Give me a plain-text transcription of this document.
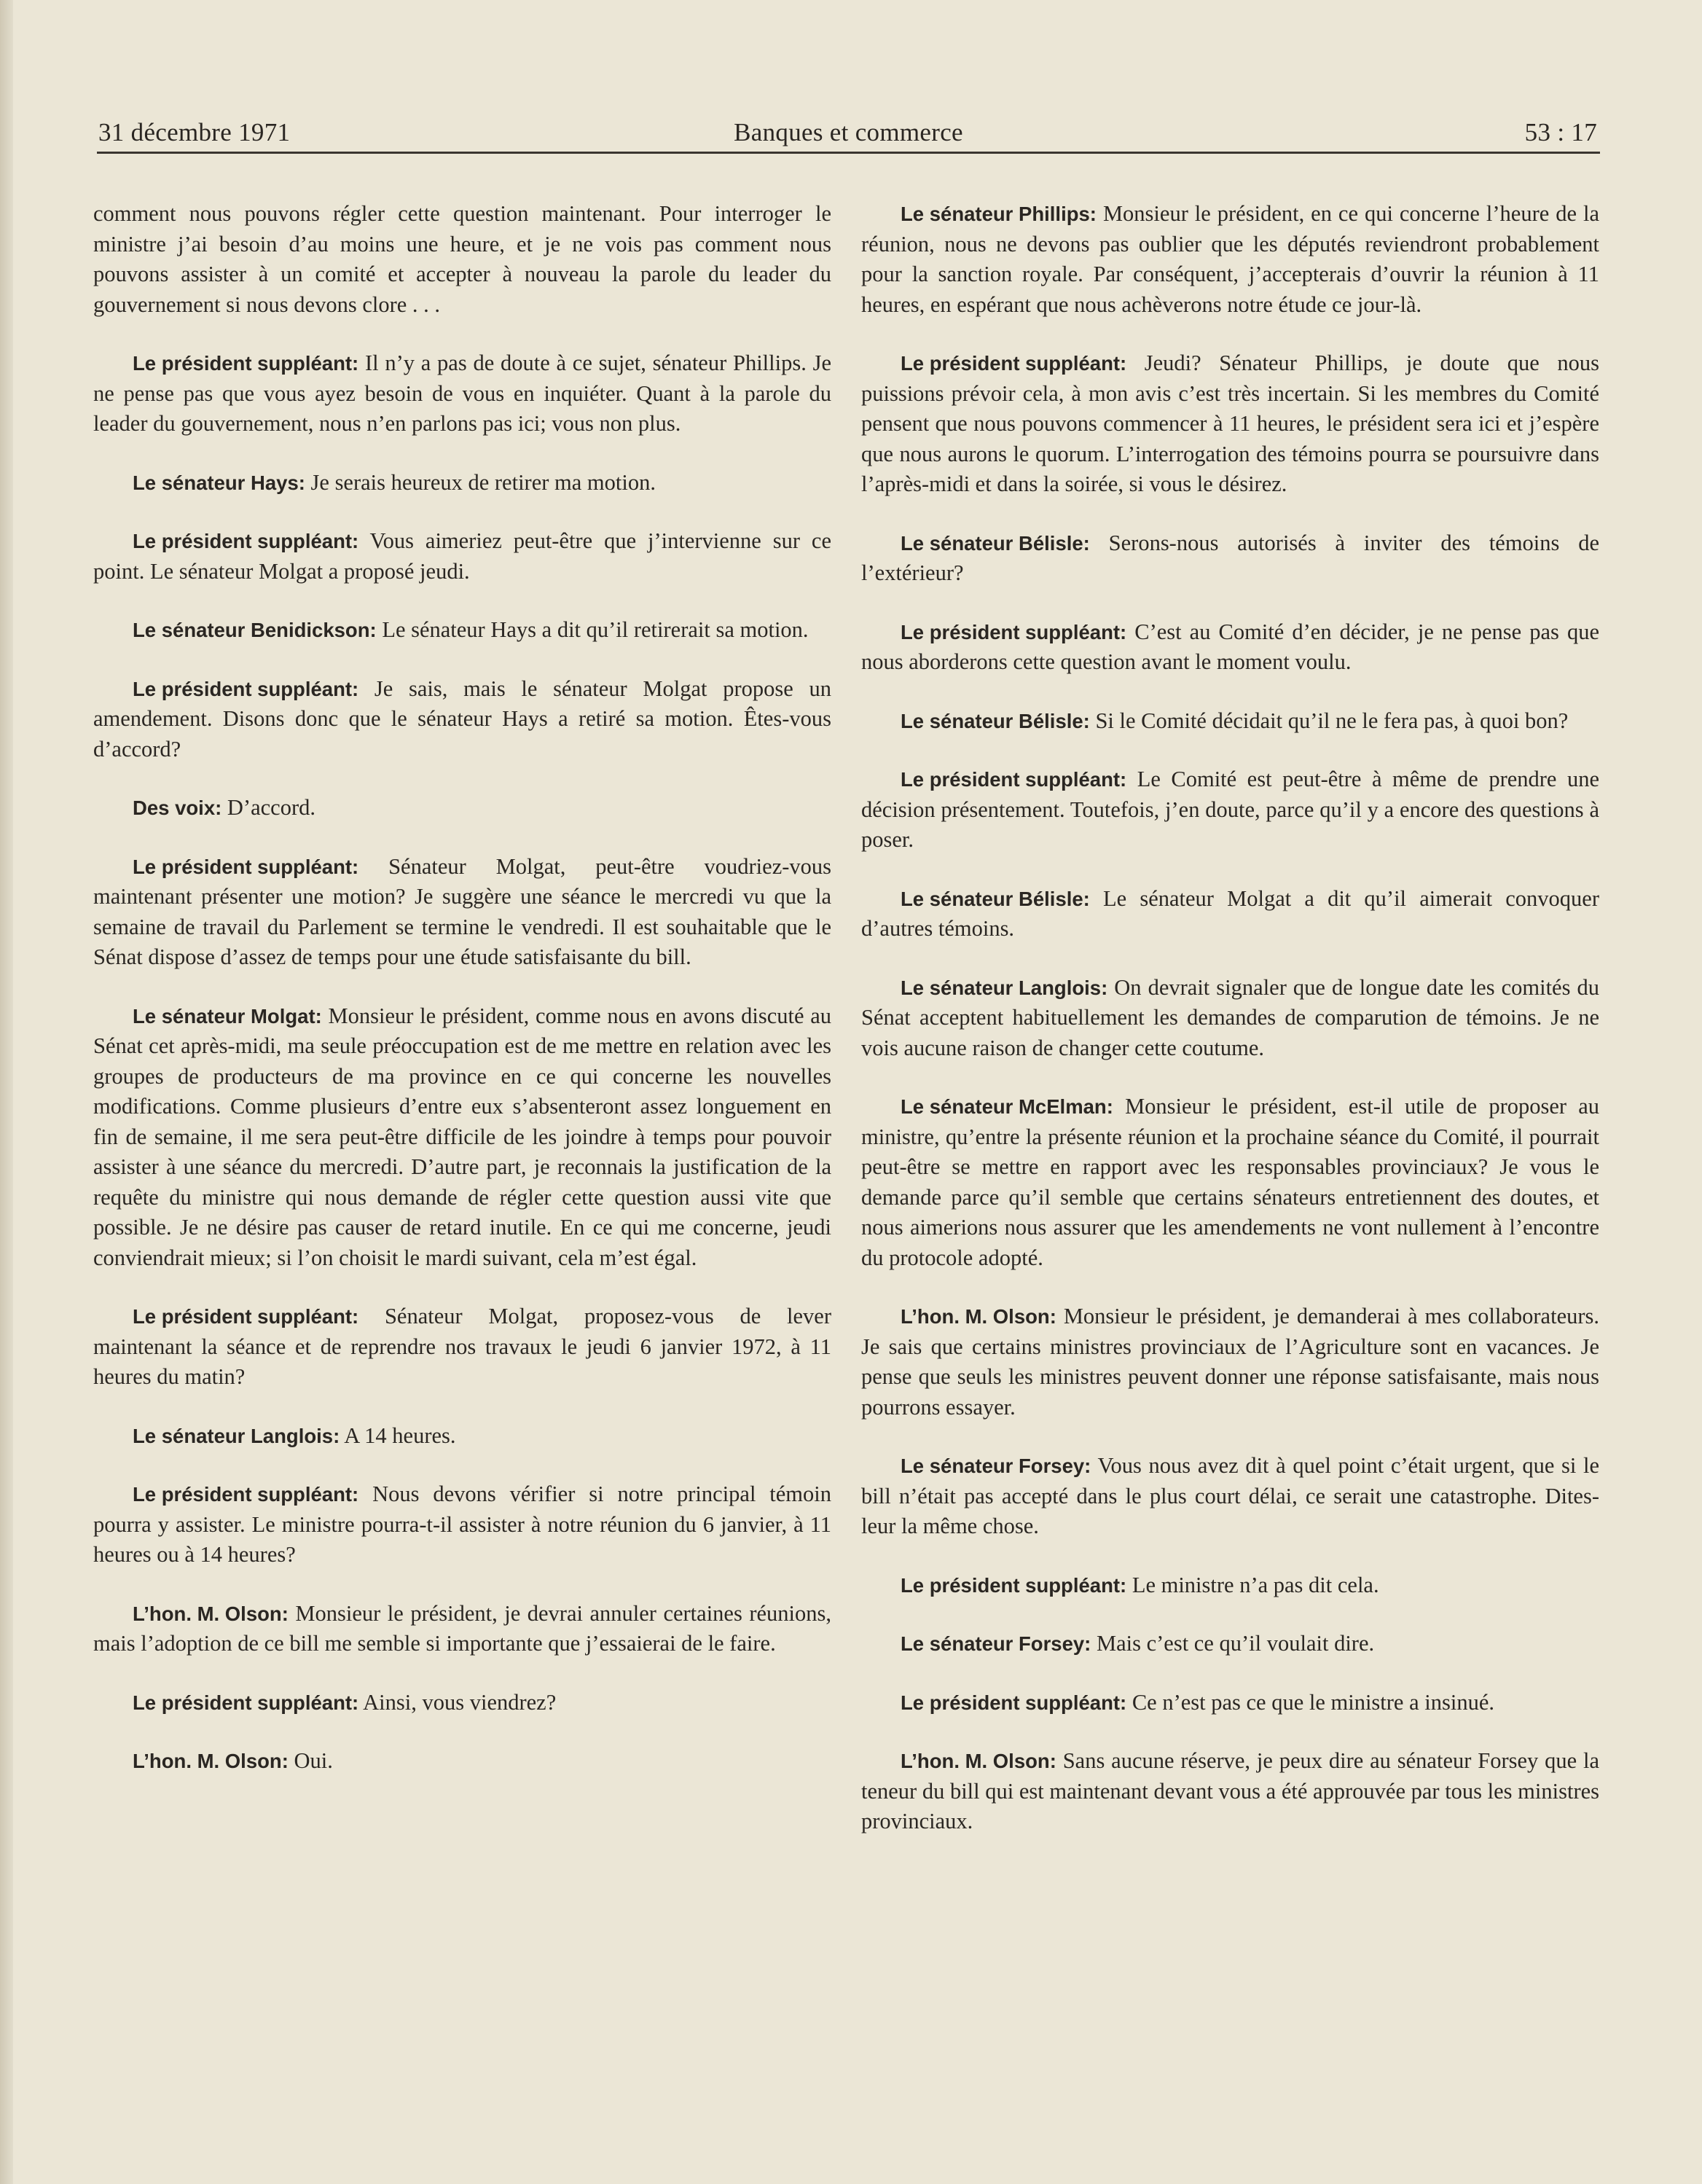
31 décembre 1971	Banques et commerce	53 : 17

comment nous pouvons régler cette question maintenant. Pour interroger le ministre j’ai besoin d’au moins une heure, et je ne vois pas comment nous pouvons assister à un comité et accepter à nouveau la parole du leader du gouvernement si nous devons clore . . .

Le président suppléant: Il n’y a pas de doute à ce sujet, sénateur Phillips. Je ne pense pas que vous ayez besoin de vous en inquiéter. Quant à la parole du leader du gouvernement, nous n’en parlons pas ici; vous non plus.

Le sénateur Hays: Je serais heureux de retirer ma motion.

Le président suppléant: Vous aimeriez peut-être que j’intervienne sur ce point. Le sénateur Molgat a proposé jeudi.

Le sénateur Benidickson: Le sénateur Hays a dit qu’il retirerait sa motion.

Le président suppléant: Je sais, mais le sénateur Molgat propose un amendement. Disons donc que le sénateur Hays a retiré sa motion. Êtes-vous d’accord?

Des voix: D’accord.

Le président suppléant: Sénateur Molgat, peut-être voudriez-vous maintenant présenter une motion? Je suggère une séance le mercredi vu que la semaine de travail du Parlement se termine le vendredi. Il est souhaitable que le Sénat dispose d’assez de temps pour une étude satisfaisante du bill.

Le sénateur Molgat: Monsieur le président, comme nous en avons discuté au Sénat cet après-midi, ma seule préoccupation est de me mettre en relation avec les groupes de producteurs de ma province en ce qui concerne les nouvelles modifications. Comme plusieurs d’entre eux s’absenteront assez longuement en fin de semaine, il me sera peut-être difficile de les joindre à temps pour pouvoir assister à une séance du mercredi. D’autre part, je reconnais la justification de la requête du ministre qui nous demande de régler cette question aussi vite que possible. Je ne désire pas causer de retard inutile. En ce qui me concerne, jeudi conviendrait mieux; si l’on choisit le mardi suivant, cela m’est égal.

Le président suppléant: Sénateur Molgat, proposez-vous de lever maintenant la séance et de reprendre nos travaux le jeudi 6 janvier 1972, à 11 heures du matin?

Le sénateur Langlois: A 14 heures.

Le président suppléant: Nous devons vérifier si notre principal témoin pourra y assister. Le ministre pourra-t-il assister à notre réunion du 6 janvier, à 11 heures ou à 14 heures?

L’hon. M. Olson: Monsieur le président, je devrai annuler certaines réunions, mais l’adoption de ce bill me semble si importante que j’essaierai de le faire.

Le président suppléant: Ainsi, vous viendrez?

L’hon. M. Olson: Oui.

Le sénateur Phillips: Monsieur le président, en ce qui concerne l’heure de la réunion, nous ne devons pas oublier que les députés reviendront probablement pour la sanction royale. Par conséquent, j’accepterais d’ouvrir la réunion à 11 heures, en espérant que nous achèverons notre étude ce jour-là.

Le président suppléant: Jeudi? Sénateur Phillips, je doute que nous puissions prévoir cela, à mon avis c’est très incertain. Si les membres du Comité pensent que nous pouvons commencer à 11 heures, le président sera ici et j’espère que nous aurons le quorum. L’interrogation des témoins pourra se poursuivre dans l’après-midi et dans la soirée, si vous le désirez.

Le sénateur Bélisle: Serons-nous autorisés à inviter des témoins de l’extérieur?

Le président suppléant: C’est au Comité d’en décider, je ne pense pas que nous aborderons cette question avant le moment voulu.

Le sénateur Bélisle: Si le Comité décidait qu’il ne le fera pas, à quoi bon?

Le président suppléant: Le Comité est peut-être à même de prendre une décision présentement. Toutefois, j’en doute, parce qu’il y a encore des questions à poser.

Le sénateur Bélisle: Le sénateur Molgat a dit qu’il aimerait convoquer d’autres témoins.

Le sénateur Langlois: On devrait signaler que de longue date les comités du Sénat acceptent habituellement les demandes de comparution de témoins. Je ne vois aucune raison de changer cette coutume.

Le sénateur McElman: Monsieur le président, est-il utile de proposer au ministre, qu’entre la présente réunion et la prochaine séance du Comité, il pourrait peut-être se mettre en rapport avec les responsables provinciaux? Je vous le demande parce qu’il semble que certains sénateurs entretiennent des doutes, et nous aimerions nous assurer que les amendements ne vont nullement à l’encontre du protocole adopté.

L’hon. M. Olson: Monsieur le président, je demanderai à mes collaborateurs. Je sais que certains ministres provinciaux de l’Agriculture sont en vacances. Je pense que seuls les ministres peuvent donner une réponse satisfaisante, mais nous pourrons essayer.

Le sénateur Forsey: Vous nous avez dit à quel point c’était urgent, que si le bill n’était pas accepté dans le plus court délai, ce serait une catastrophe. Dites-leur la même chose.

Le président suppléant: Le ministre n’a pas dit cela.

Le sénateur Forsey: Mais c’est ce qu’il voulait dire.

Le président suppléant: Ce n’est pas ce que le ministre a insinué.

L’hon. M. Olson: Sans aucune réserve, je peux dire au sénateur Forsey que la teneur du bill qui est maintenant devant vous a été approuvée par tous les ministres provinciaux.
